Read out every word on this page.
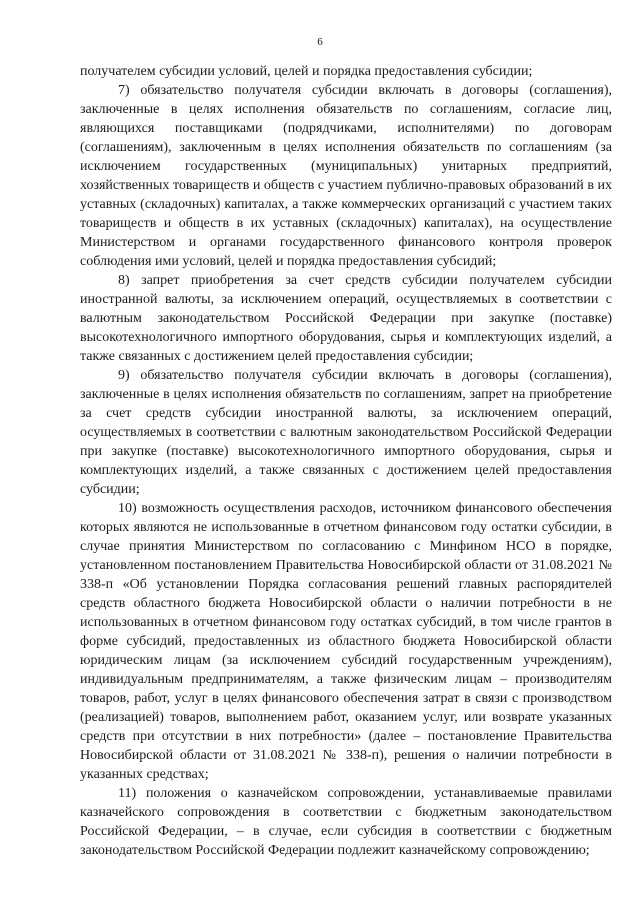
6

получателем субсидии условий, целей и порядка предоставления субсидии;

7) обязательство получателя субсидии включать в договоры (соглашения), заключенные в целях исполнения обязательств по соглашениям, согласие лиц, являющихся поставщиками (подрядчиками, исполнителями) по договорам (соглашениям), заключенным в целях исполнения обязательств по соглашениям (за исключением государственных (муниципальных) унитарных предприятий, хозяйственных товариществ и обществ с участием публично-правовых образований в их уставных (складочных) капиталах, а также коммерческих организаций с участием таких товариществ и обществ в их уставных (складочных) капиталах), на осуществление Министерством и органами государственного финансового контроля проверок соблюдения ими условий, целей и порядка предоставления субсидий;

8) запрет приобретения за счет средств субсидии получателем субсидии иностранной валюты, за исключением операций, осуществляемых в соответствии с валютным законодательством Российской Федерации при закупке (поставке) высокотехнологичного импортного оборудования, сырья и комплектующих изделий, а также связанных с достижением целей предоставления субсидии;

9) обязательство получателя субсидии включать в договоры (соглашения), заключенные в целях исполнения обязательств по соглашениям, запрет на приобретение за счет средств субсидии иностранной валюты, за исключением операций, осуществляемых в соответствии с валютным законодательством Российской Федерации при закупке (поставке) высокотехнологичного импортного оборудования, сырья и комплектующих изделий, а также связанных с достижением целей предоставления субсидии;

10) возможность осуществления расходов, источником финансового обеспечения которых являются не использованные в отчетном финансовом году остатки субсидии, в случае принятия Министерством по согласованию с Минфином НСО в порядке, установленном постановлением Правительства Новосибирской области от 31.08.2021 № 338-п «Об установлении Порядка согласования решений главных распорядителей средств областного бюджета Новосибирской области о наличии потребности в не использованных в отчетном финансовом году остатках субсидий, в том числе грантов в форме субсидий, предоставленных из областного бюджета Новосибирской области юридическим лицам (за исключением субсидий государственным учреждениям), индивидуальным предпринимателям, а также физическим лицам – производителям товаров, работ, услуг в целях финансового обеспечения затрат в связи с производством (реализацией) товаров, выполнением работ, оказанием услуг, или возврате указанных средств при отсутствии в них потребности» (далее – постановление Правительства Новосибирской области от 31.08.2021 № 338-п), решения о наличии потребности в указанных средствах;

11) положения о казначейском сопровождении, устанавливаемые правилами казначейского сопровождения в соответствии с бюджетным законодательством Российской Федерации, – в случае, если субсидия в соответствии с бюджетным законодательством Российской Федерации подлежит казначейскому сопровождению;
